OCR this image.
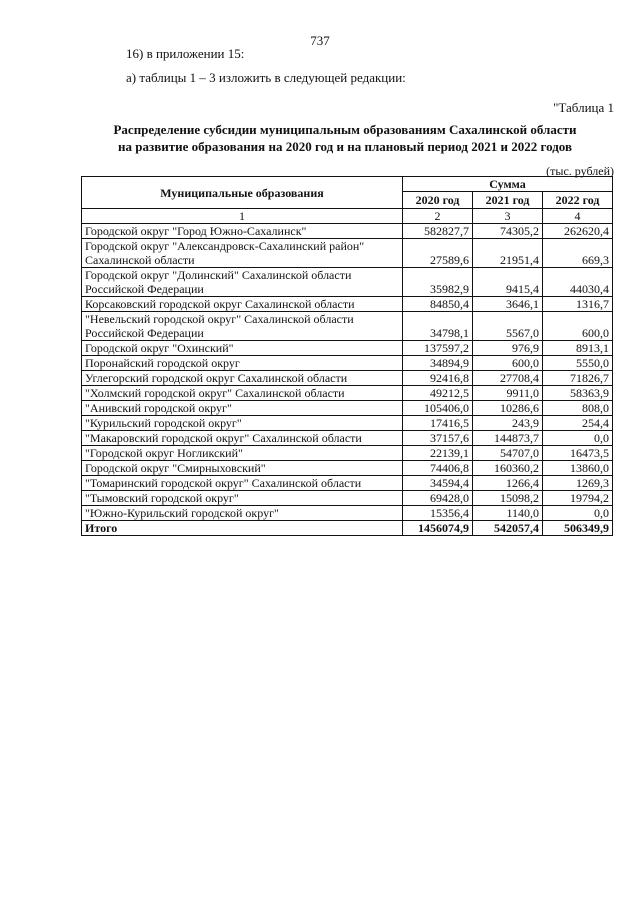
737
16) в приложении 15:
а) таблицы 1 – 3 изложить в следующей редакции:
"Таблица 1
Распределение субсидии муниципальным образованиям Сахалинской области
на развитие образования на 2020 год и на плановый период 2021 и 2022 годов
(тыс. рублей)
Муниципальные образования	Сумма		
	2020 год	2021 год	2022 год
1	2	3	4
Городской округ "Город Южно-Сахалинск"	582827,7	74305,2	262620,4
Городской округ "Александровск-Сахалинский район" Сахалинской области	27589,6	21951,4	669,3
Городской округ "Долинский" Сахалинской области Российской Федерации	35982,9	9415,4	44030,4
Корсаковский городской округ Сахалинской области	84850,4	3646,1	1316,7
"Невельский городской округ" Сахалинской области Российской Федерации	34798,1	5567,0	600,0
Городской округ "Охинский"	137597,2	976,9	8913,1
Поронайский городской округ	34894,9	600,0	5550,0
Углегорский городской округ Сахалинской области	92416,8	27708,4	71826,7
"Холмский городской округ" Сахалинской области	49212,5	9911,0	58363,9
"Анивский городской округ"	105406,0	10286,6	808,0
"Курильский городской округ"	17416,5	243,9	254,4
"Макаровский городской округ" Сахалинской области	37157,6	144873,7	0,0
"Городской округ Ногликский"	22139,1	54707,0	16473,5
Городской округ "Смирныховский"	74406,8	160360,2	13860,0
"Томаринский городской округ" Сахалинской области	34594,4	1266,4	1269,3
"Тымовский городской округ"	69428,0	15098,2	19794,2
"Южно-Курильский городской округ"	15356,4	1140,0	0,0
Итого	1456074,9	542057,4	506349,9
